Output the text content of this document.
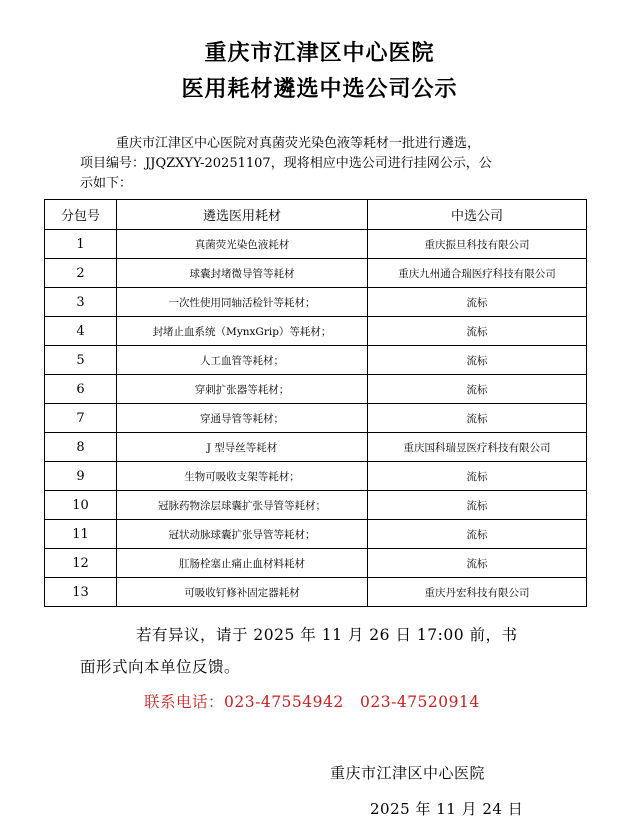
重庆市江津区中心医院
医用耗材遴选中选公司公示
重庆市江津区中心医院对真菌荧光染色液等耗材一批进行遴选，
项目编号：JJQZXYY-20251107，现将相应中选公司进行挂网公示，公
示如下：
分包号	遴选医用耗材	中选公司
1	真菌荧光染色液耗材	重庆振旦科技有限公司
2	球囊封堵微导管等耗材	重庆九州通合瑞医疗科技有限公司
3	一次性使用同轴活检针等耗材；	流标
4	封堵止血系统（MynxGrip）等耗材；	流标
5	人工血管等耗材；	流标
6	穿刺扩张器等耗材；	流标
7	穿通导管等耗材；	流标
8	J 型导丝等耗材	重庆国科瑞昱医疗科技有限公司
9	生物可吸收支架等耗材；	流标
10	冠脉药物涂层球囊扩张导管等耗材；	流标
11	冠状动脉球囊扩张导管等耗材；	流标
12	肛肠栓塞止痛止血材料耗材	流标
13	可吸收钉修补固定器耗材	重庆丹宏科技有限公司
若有异议，请于 2025 年 11 月 26 日 17:00 前，书
面形式向本单位反馈。
联系电话：023-47554942 023-47520914
重庆市江津区中心医院
2025 年 11 月 24 日
